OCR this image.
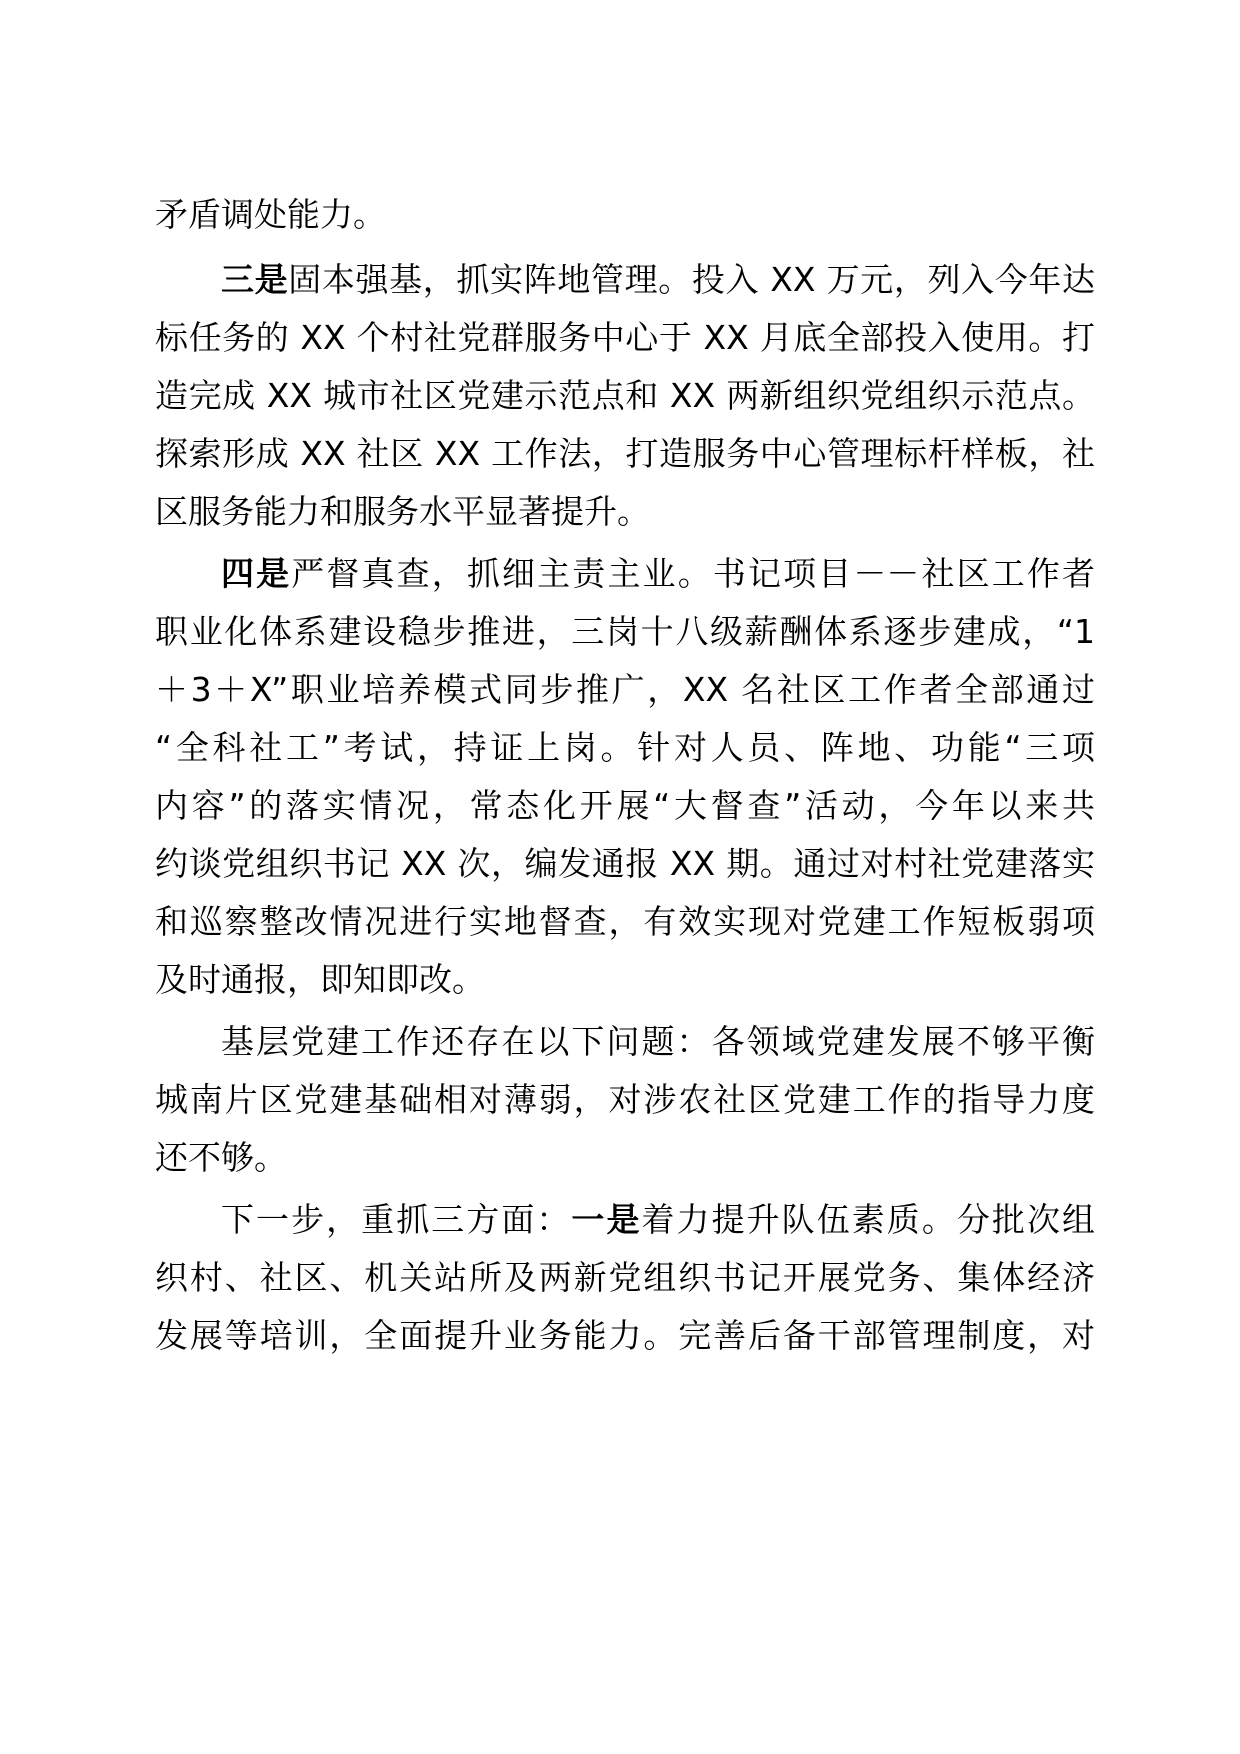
矛盾调处能力。
三是固本强基，抓实阵地管理。投入 XX 万元，列入今年达
标任务的 XX 个村社党群服务中心于 XX 月底全部投入使用。打
造完成 XX 城市社区党建示范点和 XX 两新组织党组织示范点。
探索形成 XX 社区 XX 工作法，打造服务中心管理标杆样板，社
区服务能力和服务水平显著提升。
四是严督真查，抓细主责主业。书记项目－－社区工作者
职业化体系建设稳步推进，三岗十八级薪酬体系逐步建成，“1
＋3＋X”职业培养模式同步推广，XX 名社区工作者全部通过
“全科社工”考试，持证上岗。针对人员、阵地、功能“三项
内容”的落实情况，常态化开展“大督查”活动，今年以来共
约谈党组织书记 XX 次，编发通报 XX 期。通过对村社党建落实
和巡察整改情况进行实地督查，有效实现对党建工作短板弱项
及时通报，即知即改。
基层党建工作还存在以下问题：各领域党建发展不够平衡
城南片区党建基础相对薄弱，对涉农社区党建工作的指导力度
还不够。
下一步，重抓三方面：一是着力提升队伍素质。分批次组
织村、社区、机关站所及两新党组织书记开展党务、集体经济
发展等培训，全面提升业务能力。完善后备干部管理制度，对
